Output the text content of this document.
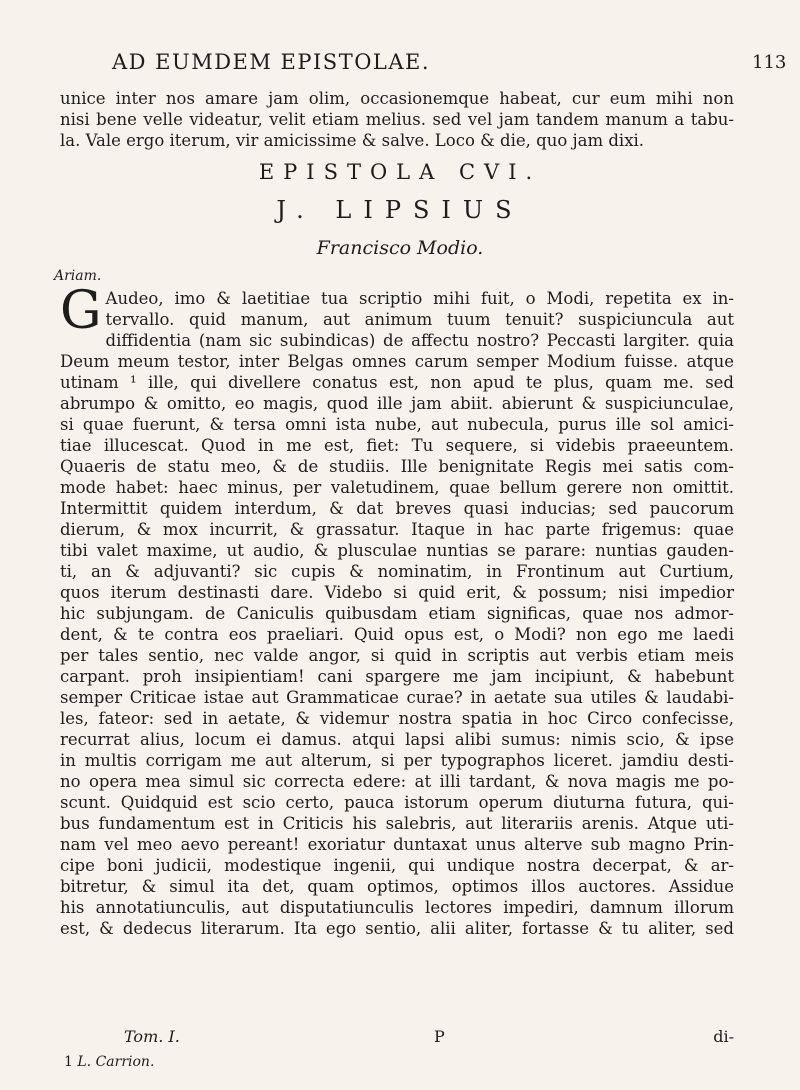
AD EUMDEM EPISTOLAE.	113
unice inter nos amare jam olim, occasionemque habeat, cur eum mihi non
nisi bene velle videatur, velit etiam melius. sed vel jam tandem manum a tabu-
la. Vale ergo iterum, vir amicissime & salve. Loco & die, quo jam dixi.
EPISTOLA CVI.
J. LIPSIUS
Francisco Modio.
Ariam.
G Audeo, imo & laetitiae tua scriptio mihi fuit, o Modi, repetita ex in-
tervallo. quid manum, aut animum tuum tenuit? suspiciuncula aut
diffidentia (nam sic subindicas) de affectu nostro? Peccasti largiter. quia
Deum meum testor, inter Belgas omnes carum semper Modium fuisse. atque
utinam ¹ ille, qui divellere conatus est, non apud te plus, quam me. sed
abrumpo & omitto, eo magis, quod ille jam abiit. abierunt & suspiciunculae,
si quae fuerunt, & tersa omni ista nube, aut nubecula, purus ille sol amici-
tiae illucescat. Quod in me est, fiet: Tu sequere, si videbis praeeuntem.
Quaeris de statu meo, & de studiis. Ille benignitate Regis mei satis com-
mode habet: haec minus, per valetudinem, quae bellum gerere non omittit.
Intermittit quidem interdum, & dat breves quasi inducias; sed paucorum
dierum, & mox incurrit, & grassatur. Itaque in hac parte frigemus: quae
tibi valet maxime, ut audio, & plusculae nuntias se parare: nuntias gauden-
ti, an & adjuvanti? sic cupis & nominatim, in Frontinum aut Curtium,
quos iterum destinasti dare. Videbo si quid erit, & possum; nisi impedior
hic subjungam. de Caniculis quibusdam etiam significas, quae nos admor-
dent, & te contra eos praeliari. Quid opus est, o Modi? non ego me laedi
per tales sentio, nec valde angor, si quid in scriptis aut verbis etiam meis
carpant. proh insipientiam! cani spargere me jam incipiunt, & habebunt
semper Criticae istae aut Grammaticae curae? in aetate sua utiles & laudabi-
les, fateor: sed in aetate, & videmur nostra spatia in hoc Circo confecisse,
recurrat alius, locum ei damus. atqui lapsi alibi sumus: nimis scio, & ipse
in multis corrigam me aut alterum, si per typographos liceret. jamdiu desti-
no opera mea simul sic correcta edere: at illi tardant, & nova magis me po-
scunt. Quidquid est scio certo, pauca istorum operum diuturna futura, qui-
bus fundamentum est in Criticis his salebris, aut literariis arenis. Atque uti-
nam vel meo aevo pereant! exoriatur duntaxat unus alterve sub magno Prin-
cipe boni judicii, modestique ingenii, qui undique nostra decerpat, & ar-
bitretur, & simul ita det, quam optimos, optimos illos auctores. Assidue
his annotatiunculis, aut disputatiunculis lectores impediri, damnum illorum
est, & dedecus literarum. Ita ego sentio, alii aliter, fortasse & tu aliter, sed
Tom. I.	P	di-
1 L. Carrion.
